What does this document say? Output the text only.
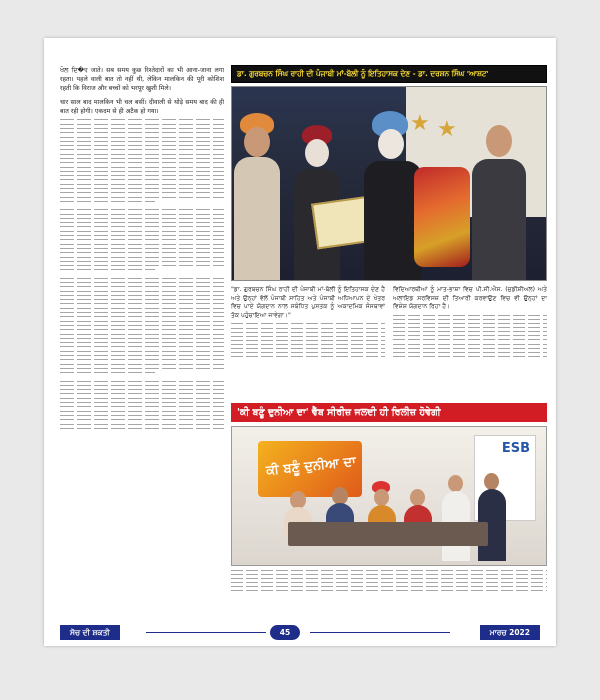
ਖੋਲ ਦਿ�ए जाते। सब समय कुछ रिश्तेदारों का भी आना-जाना लगा रहता। पहले वाली बात तो नहीं थी, लेकिन मालकिन की पूरी कोशिश रहती कि विराज और बच्चों को भरपूर खुशी मिले।

चार साल बाद मालकिन भी चल बसीं। दीवाली से थोड़े समय बाद की ही बात रही होगी। एकदम से ही अटैक हो गया।

ਡਾ. ਗੁਰਬਚਨ ਸਿੰਘ ਰਾਹੀ ਦੀ ਪੰਜਾਬੀ ਮਾਂ-ਬੋਲੀ ਨੂੰ ਇਤਿਹਾਸਕ ਦੇਣ - ਡਾ. ਦਰਸ਼ਨ ਸਿੰਘ 'ਆਸ਼ਟ'
★ ★

"ਡਾ. ਗੁਰਬਚਨ ਸਿੰਘ ਰਾਹੀ ਦੀ ਪੰਜਾਬੀ ਮਾਂ-ਬੋਲੀ ਨੂੰ ਇਤਿਹਾਸਕ ਦੇਣ ਹੈ ਅਤੇ ਉਨ੍ਹਾਂ ਵੱਲੋਂ ਪੰਜਾਬੀ ਸਾਹਿਤ ਅਤੇ ਪੰਜਾਬੀ ਅਧਿਆਪਨ ਦੇ ਖੇਤਰ ਵਿਚ ਪਾਏ ਯੋਗਦਾਨ ਨਾਲ ਸਬੰਧਿਤ ਪੁਸਤਕ ਨੂੰ ਅਕਾਦਮਿਕ ਸੰਸਥਾਵਾਂ ਤੱਕ ਪਹੁੰਚਾਇਆ ਜਾਵੇਗਾ।"

ਵਿਦਿਆਰਥੀਆਂ ਨੂੰ ਮਾਤ-ਭਾਸ਼ਾ ਵਿਚ ਪੀ.ਸੀ.ਐਸ. (ਜੁਡੀਸ਼ੀਅਲ) ਅਤੇ ਅਲਾਇਡ ਸਰਵਿਸਜ਼ ਦੀ ਤਿਆਰੀ ਕਰਵਾਉਣ ਵਿਚ ਵੀ ਉਨ੍ਹਾਂ ਦਾ ਵਿਸ਼ੇਸ਼ ਯੋਗਦਾਨ ਰਿਹਾ ਹੈ।

'ਕੀ ਬਣੂੰ ਦੁਨੀਆ ਦਾ' ਵੈੱਬ ਸੀਰੀਜ਼ ਜਲਦੀ ਹੀ ਰਿਲੀਜ਼ ਹੋਵੇਗੀ
ਕੀ ਬਣੂੰ ਦੁਨੀਆ ਦਾ
ESB
ਸੋਚ ਦੀ ਸ਼ਕਤੀ	45	ਮਾਰਚ 2022
